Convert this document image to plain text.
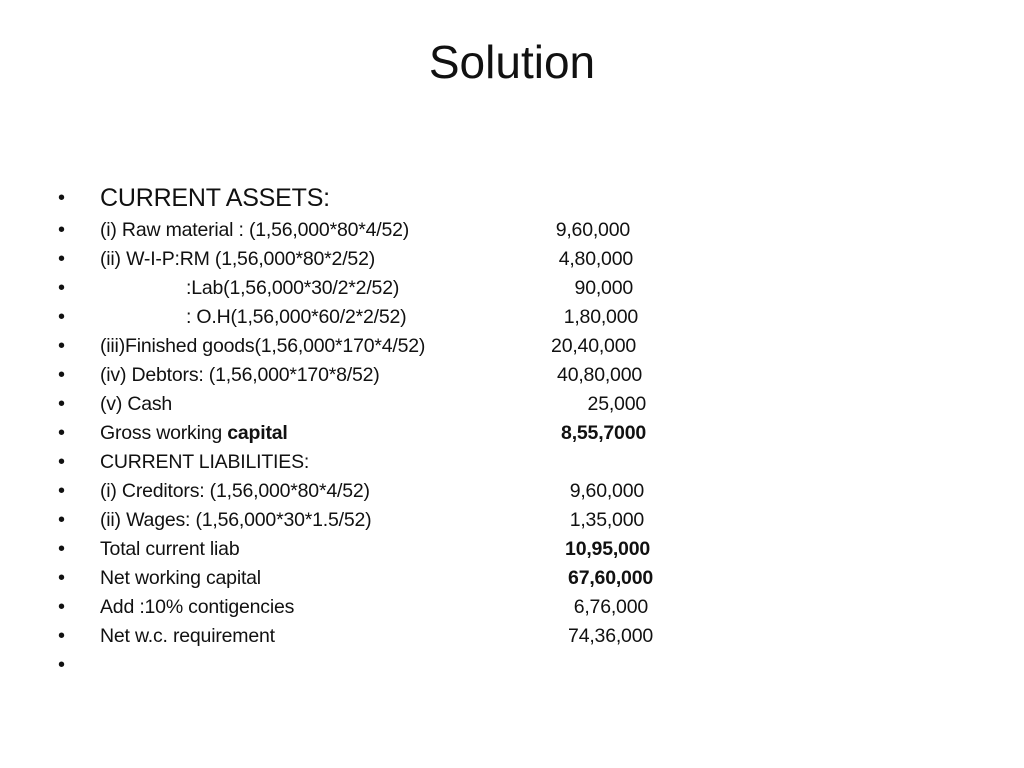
Solution
• CURRENT ASSETS:
• (i) Raw material : (1,56,000*80*4/52)	9,60,000
• (ii) W-I-P:RM (1,56,000*80*2/52)	4,80,000
•	:Lab(1,56,000*30/2*2/52)	90,000
•	: O.H(1,56,000*60/2*2/52)	1,80,000
• (iii)Finished goods(1,56,000*170*4/52)	20,40,000
• (iv) Debtors: (1,56,000*170*8/52)	40,80,000
• (v) Cash	25,000
• Gross working capital	8,55,7000
• CURRENT LIABILITIES:
• (i) Creditors: (1,56,000*80*4/52)	9,60,000
• (ii) Wages: (1,56,000*30*1.5/52)	1,35,000
• Total current liab	10,95,000
• Net working capital	67,60,000
• Add :10% contigencies	6,76,000
• Net w.c. requirement	74,36,000
•
